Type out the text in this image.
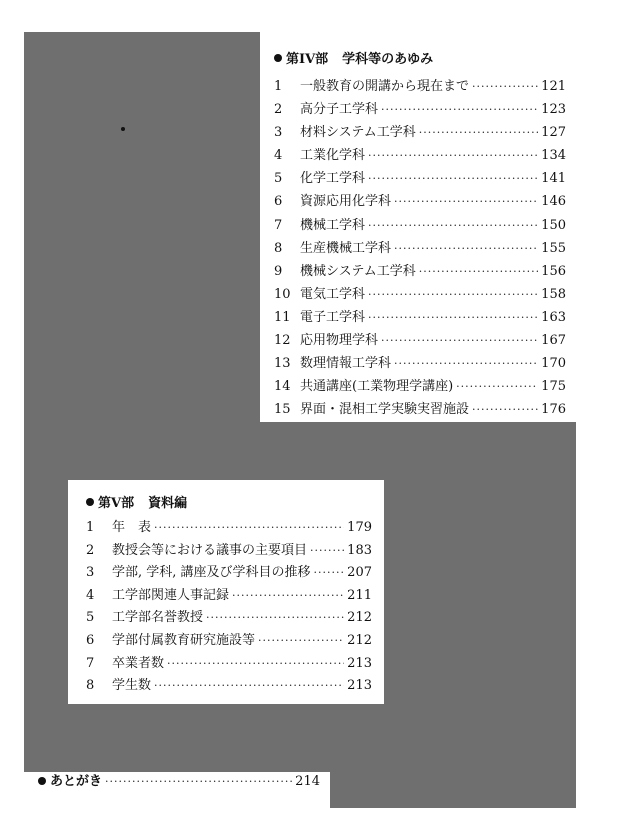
第IV部 学科等のあゆみ
1	一般教育の開講から現在まで ·····	121
2	高分子工学科 ·····	123
3	材料システム工学科 ·····	127
4	工業化学科 ·····	134
5	化学工学科 ·····	141
6	資源応用化学科 ·····	146
7	機械工学科 ·····	150
8	生産機械工学科 ·····	155
9	機械システム工学科 ·····	156
10 電気工学科 ·····	158
11 電子工学科 ·····	163
12 応用物理学科 ·····	167
13 数理情報工学科 ·····	170
14 共通講座(工業物理学講座) ·····	175
15 界面・混相工学実験実習施設 ·····	176
第V部 資料編
1	年　表 ·····	179
2	教授会等における議事の主要項目 ·····	183
3	学部, 学科, 講座及び学科目の推移 ·····	207
4	工学部関連人事記録 ·····	211
5	工学部名誉教授 ·····	212
6	学部付属教育研究施設等 ·····	212
7	卒業者数 ·····	213
8	学生数 ·····	213
あとがき ·····	214
